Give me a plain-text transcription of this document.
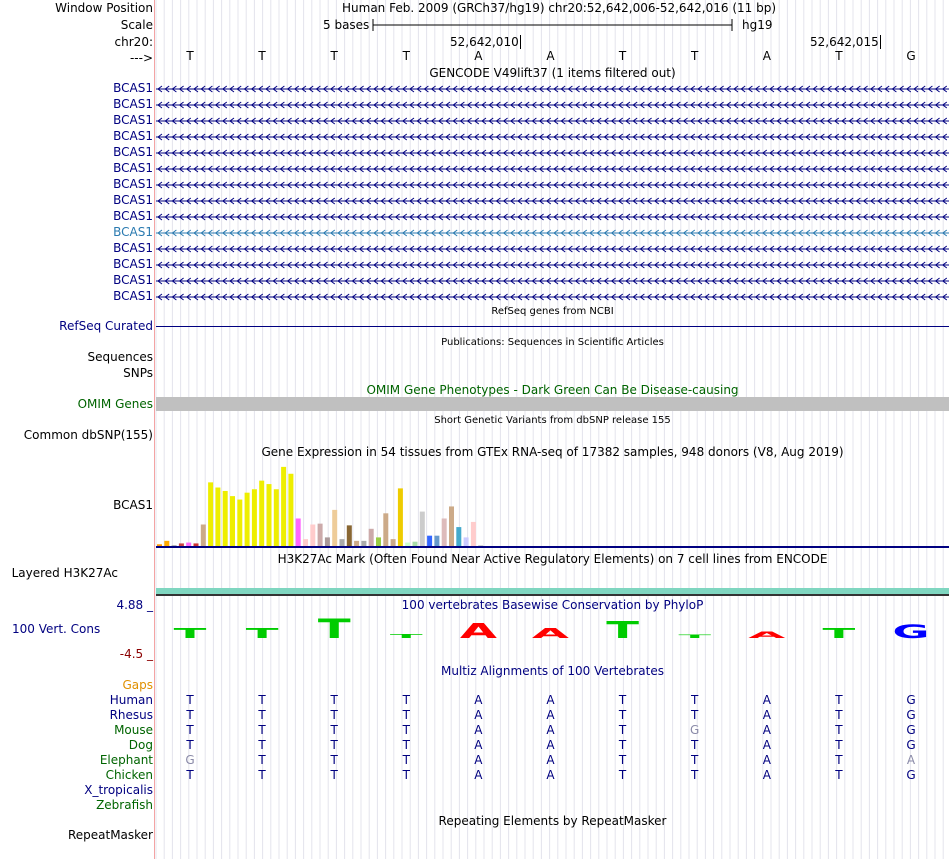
Window Position
Scale
chr20:
--->
Human Feb. 2009 (GRCh37/hg19) chr20:52,642,006-52,642,016 (11 bp)
5 bases	hg19
52,642,010	52,642,015
T	T	T	T	A	A	T	T	A	T	G
GENCODE V49lift37 (1 items filtered out)
BCAS1
BCAS1
BCAS1
BCAS1
BCAS1
BCAS1
BCAS1
BCAS1
BCAS1
BCAS1
BCAS1
BCAS1
BCAS1
BCAS1
RefSeq genes from NCBI
RefSeq Curated
Publications: Sequences in Scientific Articles
Sequences
SNPs
OMIM Gene Phenotypes - Dark Green Can Be Disease-causing
OMIM Genes
Short Genetic Variants from dbSNP release 155
Common dbSNP(155)
Gene Expression in 54 tissues from GTEx RNA-seq of 17382 samples, 948 donors (V8, Aug 2019)
BCAS1
H3K27Ac Mark (Often Found Near Active Regulatory Elements) on 7 cell lines from ENCODE
Layered H3K27Ac
100 vertebrates Basewise Conservation by PhyloP
4.88 _
100 Vert. Cons
-4.5 _
T T T T A A T T A T G
Multiz Alignments of 100 Vertebrates
Gaps
Human	T	T	T	T	A	A	T	T	A	T	G
Rhesus	T	T	T	T	A	A	T	T	A	T	G
Mouse	T	T	T	T	A	A	T	G	A	T	G
Dog	T	T	T	T	A	A	T	T	A	T	G
Elephant	G	T	T	T	A	A	T	T	A	T	A
Chicken	T	T	T	T	A	A	T	T	A	T	G
X_tropicalis
Zebrafish
Repeating Elements by RepeatMasker
RepeatMasker
